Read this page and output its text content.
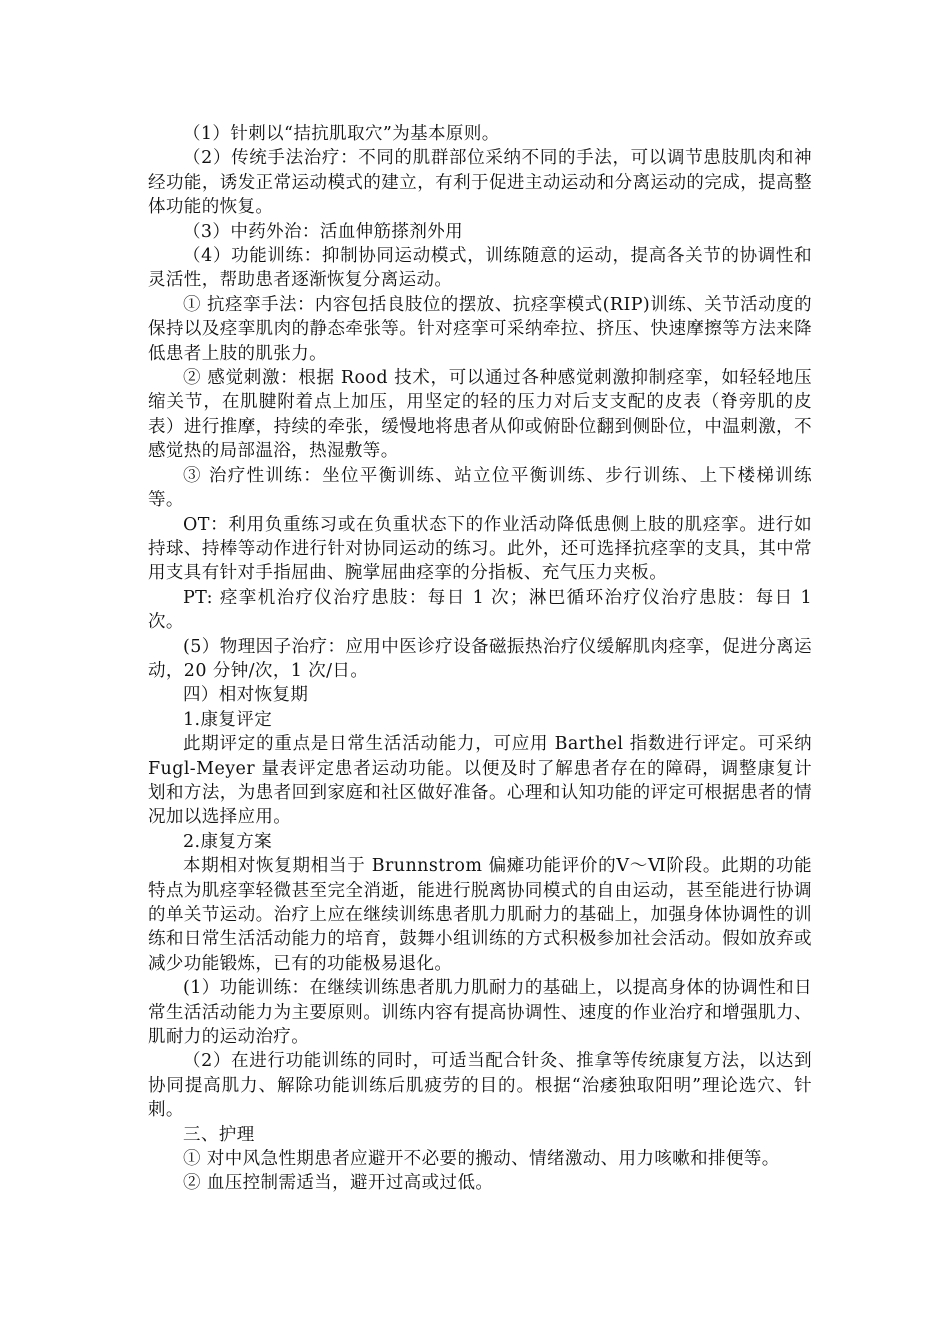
（1）针刺以“拮抗肌取穴”为基本原则。

（2）传统手法治疗：不同的肌群部位采纳不同的手法，可以调节患肢肌肉和神经功能，诱发正常运动模式的建立，有利于促进主动运动和分离运动的完成，提高整体功能的恢复。

（3）中药外治：活血伸筋搽剂外用

（4）功能训练：抑制协同运动模式，训练随意的运动，提高各关节的协调性和灵活性，帮助患者逐渐恢复分离运动。

① 抗痉挛手法：内容包括良肢位的摆放、抗痉挛模式(RIP)训练、关节活动度的保持以及痉挛肌肉的静态牵张等。针对痉挛可采纳牵拉、挤压、快速摩擦等方法来降低患者上肢的肌张力。

② 感觉刺激：根据 Rood 技术，可以通过各种感觉刺激抑制痉挛，如轻轻地压缩关节，在肌腱附着点上加压，用坚定的轻的压力对后支支配的皮表（脊旁肌的皮表）进行推摩，持续的牵张，缓慢地将患者从仰或俯卧位翻到侧卧位，中温刺激，不感觉热的局部温浴，热湿敷等。

③ 治疗性训练：坐位平衡训练、站立位平衡训练、步行训练、上下楼梯训练等。

OT：利用负重练习或在负重状态下的作业活动降低患侧上肢的肌痉挛。进行如持球、持棒等动作进行针对协同运动的练习。此外，还可选择抗痉挛的支具，其中常用支具有针对手指屈曲、腕掌屈曲痉挛的分指板、充气压力夹板。

PT: 痉挛机治疗仪治疗患肢：每日 1 次；淋巴循环治疗仪治疗患肢：每日 1 次。

(5）物理因子治疗：应用中医诊疗设备磁振热治疗仪缓解肌肉痉挛，促进分离运动，20 分钟/次，1 次/日。

四）相对恢复期

1.康复评定

此期评定的重点是日常生活活动能力，可应用 Barthel 指数进行评定。可采纳 Fugl-Meyer 量表评定患者运动功能。以便及时了解患者存在的障碍，调整康复计划和方法，为患者回到家庭和社区做好准备。心理和认知功能的评定可根据患者的情况加以选择应用。

2.康复方案

本期相对恢复期相当于 Brunnstrom 偏瘫功能评价的Ⅴ～Ⅵ阶段。此期的功能特点为肌痉挛轻微甚至完全消逝，能进行脱离协同模式的自由运动，甚至能进行协调的单关节运动。治疗上应在继续训练患者肌力肌耐力的基础上，加强身体协调性的训练和日常生活活动能力的培育，鼓舞小组训练的方式积极参加社会活动。假如放弃或减少功能锻炼，已有的功能极易退化。

(1）功能训练：在继续训练患者肌力肌耐力的基础上，以提高身体的协调性和日常生活活动能力为主要原则。训练内容有提高协调性、速度的作业治疗和增强肌力、肌耐力的运动治疗。

（2）在进行功能训练的同时，可适当配合针灸、推拿等传统康复方法，以达到协同提高肌力、解除功能训练后肌疲劳的目的。根据“治痿独取阳明”理论选穴、针刺。

三、护理

① 对中风急性期患者应避开不必要的搬动、情绪激动、用力咳嗽和排便等。

② 血压控制需适当，避开过高或过低。
